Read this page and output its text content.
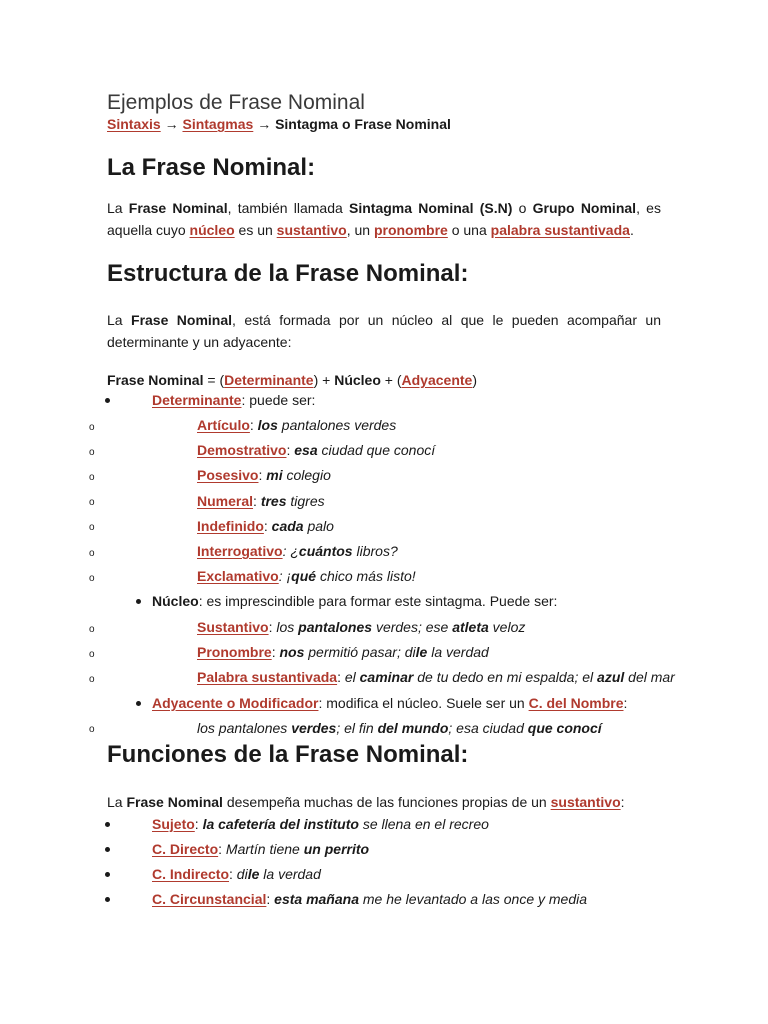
Ejemplos de Frase Nominal
Sintaxis → Sintagmas → Sintagma o Frase Nominal
La Frase Nominal:
La Frase Nominal, también llamada Sintagma Nominal (S.N) o Grupo Nominal, es aquella cuyo núcleo es un sustantivo, un pronombre o una palabra sustantivada.
Estructura de la Frase Nominal:
La Frase Nominal, está formada por un núcleo al que le pueden acompañar un determinante y un adyacente:
Frase Nominal = (Determinante) + Núcleo + (Adyacente)
Determinante: puede ser:
o	Artículo: los pantalones verdes
o	Demostrativo: esa ciudad que conocí
o	Posesivo: mi colegio
o	Numeral: tres tigres
o	Indefinido: cada palo
o	Interrogativo: ¿cuántos libros?
o	Exclamativo: ¡qué chico más listo!
Núcleo: es imprescindible para formar este sintagma. Puede ser:
o	Sustantivo: los pantalones verdes; ese atleta veloz
o	Pronombre: nos permitió pasar; dile la verdad
o	Palabra sustantivada: el caminar de tu dedo en mi espalda; el azul del mar
Adyacente o Modificador: modifica el núcleo. Suele ser un C. del Nombre:
o	los pantalones verdes; el fin del mundo; esa ciudad que conocí
Funciones de la Frase Nominal:
La Frase Nominal desempeña muchas de las funciones propias de un sustantivo:
Sujeto: la cafetería del instituto se llena en el recreo
C. Directo: Martín tiene un perrito
C. Indirecto: dile la verdad
C. Circunstancial: esta mañana me he levantado a las once y media
